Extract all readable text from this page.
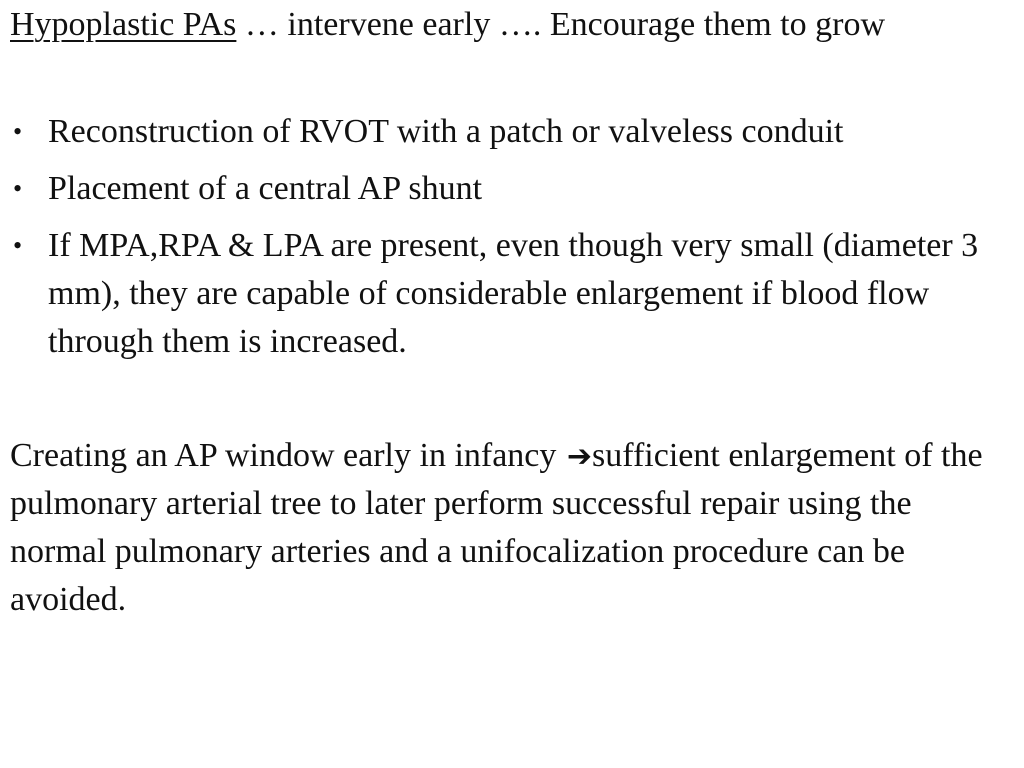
Hypoplastic PAs … intervene early …. Encourage them to grow
• Reconstruction of RVOT with a patch or valveless conduit
• Placement of a central AP shunt
• If MPA,RPA & LPA are present, even though very small (diameter 3 mm), they are capable of considerable enlargement if blood flow through them is increased.
Creating an AP window early in infancy ➔sufficient enlargement of the pulmonary arterial tree to later perform successful repair using the normal pulmonary arteries and a unifocalization procedure can be avoided.
